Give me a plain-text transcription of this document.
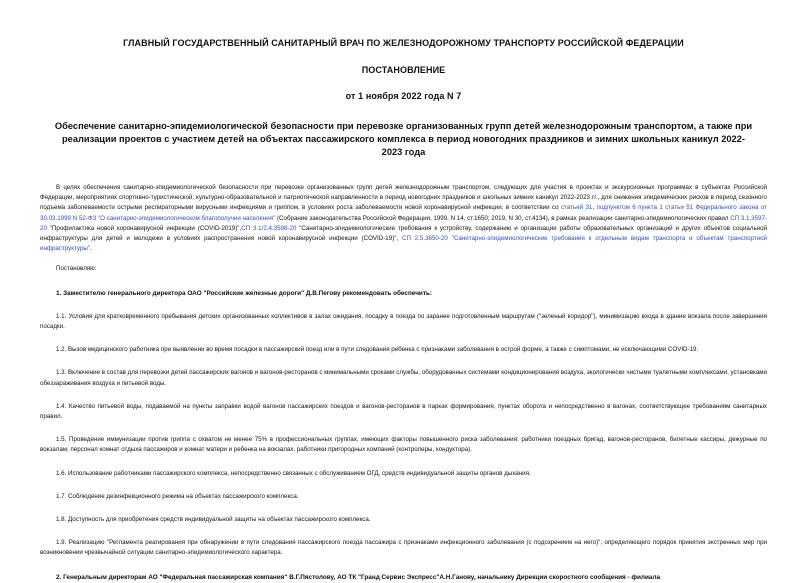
ГЛАВНЫЙ ГОСУДАРСТВЕННЫЙ САНИТАРНЫЙ ВРАЧ ПО ЖЕЛЕЗНОДОРОЖНОМУ ТРАНСПОРТУ РОССИЙСКОЙ ФЕДЕРАЦИИ
ПОСТАНОВЛЕНИЕ
от 1 ноября 2022 года N 7
Обеспечение санитарно-эпидемиологической безопасности при перевозке организованных групп детей железнодорожным транспортом, а также при реализации проектов с участием детей на объектах пассажирского комплекса в период новогодних праздников и зимних школьных каникул 2022-2023 года

В целях обеспечения санитарно-эпидемиологической безопасности при перевозке организованных групп детей железнодорожным транспортом, следующих для участия в проектах и экскурсионных программах в субъектах Российской Федерации, мероприятиях спортивно-туристической, культурно-образовательной и патриотической направленности в период новогодних праздников и школьных зимних каникул 2022-2023 гг., для снижения эпидемических рисков в период сезонного подъема заболеваемости острыми респираторными вирусными инфекциями и гриппом, в условиях роста заболеваемости новой коронавирусной инфекции, в соответствии со статьей 31, подпунктом 6 пункта 1 статьи 51 Федерального закона от 30.03.1999 N 52-ФЗ "О санитарно-эпидемиологическом благополучии населения" (Собрание законодательства Российской Федерации, 1999, N 14, ст.1650; 2019, N 30, ст.4134), в рамках реализации санитарно-эпидемиологических правил СП 3.1.3597-20 "Профилактика новой коронавирусной инфекции (COVID-2019)",СП 3.1/2.4.3598-20 "Санитарно-эпидемиологические требования к устройству, содержанию и организации работы образовательных организаций и других объектов социальной инфраструктуры для детей и молодежи в условиях распространения новой коронавирусной инфекции (COVID-19)", СП 2.5.3650-20 "Санитарно-эпидемиологические требования к отдельным видам транспорта и объектам транспортной инфраструктуры".

Постановляю:

1. Заместителю генерального директора ОАО "Российские железные дороги" Д.В.Пегову рекомендовать обеспечить:

1.1. Условия для кратковременного пребывания детских организованных коллективов в залах ожидания, посадку в поезда по заранее подготовленным маршрутам ("зеленый коридор"), минимизацию входа в здание вокзала после завершения посадки.

1.2. Вызов медицинского работника при выявлении во время посадки в пассажирский поезд или в пути следования ребенка с признаками заболевания в острой форме, а также с симптомами, не исключающими COVID-19.

1.3. Включение в состав для перевозки детей пассажирских вагонов и вагонов-ресторанов с минимальными сроками службы, оборудованных системами кондиционирования воздуха, экологически чистыми туалетными комплексами, установками обеззараживания воздуха и питьевой воды.

1.4. Качество питьевой воды, подаваемой на пункты заправки водой вагонов пассажирских поездов и вагонов-ресторанов в парках формирования, пунктах оборота и непосредственно в вагонах, соответствующее требованиям санитарных правил.

1.5. Проведение иммунизации против гриппа с охватом не менее 75% в профессиональных группах, имеющих факторы повышенного риска заболевания: работники поездных бригад, вагонов-ресторанов, билетные кассиры, дежурные по вокзалам, персонал комнат отдыха пассажиров и комнат матери и ребенка на вокзалах, работники пригородных компаний (контролеры, кондуктора).

1.6. Использование работниками пассажирского комплекса, непосредственно связанных с обслуживанием ОГД, средств индивидуальной защиты органов дыхания.

1.7. Соблюдение дезинфекционного режима на объектах пассажирского комплекса.

1.8. Доступность для приобретения средств индивидуальной защиты на объектах пассажирского комплекса.

1.9. Реализацию "Регламента реагирования при обнаружении в пути следования пассажирского поезда пассажира с признаками инфекционного заболевания (с подозрением на него)", определяющего порядок принятия экстренных мер при возникновении чрезвычайной ситуации санитарно-эпидемиологического характера.

2. Генеральным директорам АО "Федеральная пассажирская компания" В.Г.Пястолову, АО ТК "Гранд Сервис Экспресс"А.Н.Ганову, начальнику Дирекции скоростного сообщения - филиала
